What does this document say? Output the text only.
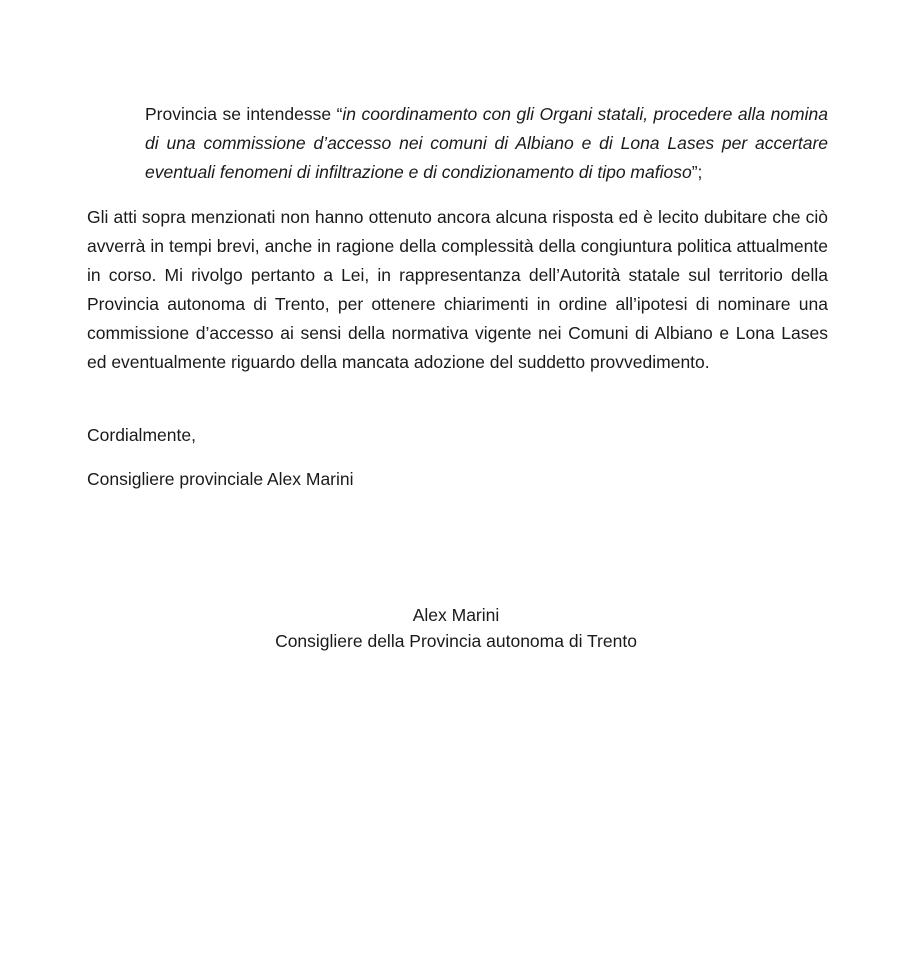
Provincia se intendesse “in coordinamento con gli Organi statali, procedere alla nomina di una commissione d’accesso nei comuni di Albiano e di Lona Lases per accertare eventuali fenomeni di infiltrazione e di condizionamento di tipo mafioso”;

Gli atti sopra menzionati non hanno ottenuto ancora alcuna risposta ed è lecito dubitare che ciò avverrà in tempi brevi, anche in ragione della complessità della congiuntura politica attualmente in corso. Mi rivolgo pertanto a Lei, in rappresentanza dell’Autorità statale sul territorio della Provincia autonoma di Trento, per ottenere chiarimenti in ordine all’ipotesi di nominare una commissione d’accesso ai sensi della normativa vigente nei Comuni di Albiano e Lona Lases ed eventualmente riguardo della mancata adozione del suddetto provvedimento.

Cordialmente,

Consigliere provinciale Alex Marini

Alex Marini
Consigliere della Provincia autonoma di Trento
